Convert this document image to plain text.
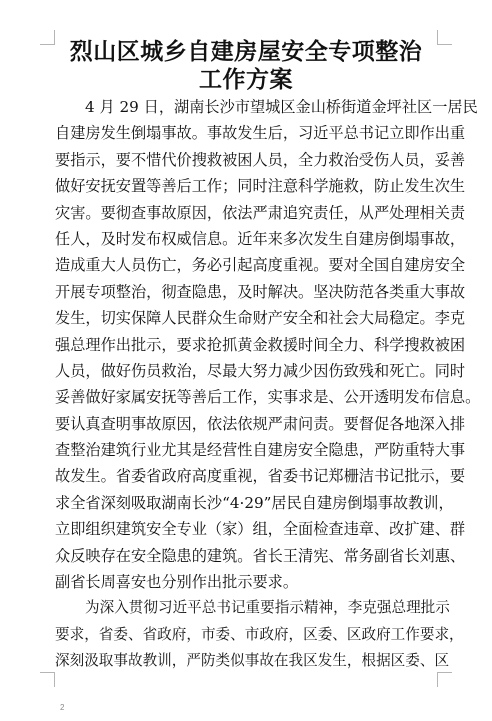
烈山区城乡自建房屋安全专项整治
工作方案
4 月 29 日，湖南长沙市望城区金山桥街道金坪社区一居民
自建房发生倒塌事故。事故发生后，习近平总书记立即作出重
要指示，要不惜代价搜救被困人员，全力救治受伤人员，妥善
做好安抚安置等善后工作；同时注意科学施救，防止发生次生
灾害。要彻查事故原因，依法严肃追究责任，从严处理相关责
任人，及时发布权威信息。近年来多次发生自建房倒塌事故，
造成重大人员伤亡，务必引起高度重视。要对全国自建房安全
开展专项整治，彻查隐患，及时解决。坚决防范各类重大事故
发生，切实保障人民群众生命财产安全和社会大局稳定。李克
强总理作出批示，要求抢抓黄金救援时间全力、科学搜救被困
人员，做好伤员救治，尽最大努力减少因伤致残和死亡。同时
妥善做好家属安抚等善后工作，实事求是、公开透明发布信息。
要认真查明事故原因，依法依规严肃问责。要督促各地深入排
查整治建筑行业尤其是经营性自建房安全隐患，严防重特大事
故发生。省委省政府高度重视，省委书记郑栅洁书记批示，要
求全省深刻吸取湖南长沙“4·29”居民自建房倒塌事故教训，
立即组织建筑安全专业（家）组，全面检查违章、改扩建、群
众反映存在安全隐患的建筑。省长王清宪、常务副省长刘惠、
副省长周喜安也分别作出批示要求。
为深入贯彻习近平总书记重要指示精神，李克强总理批示
要求，省委、省政府，市委、市政府，区委、区政府工作要求，
深刻汲取事故教训，严防类似事故在我区发生，根据区委、区
2
